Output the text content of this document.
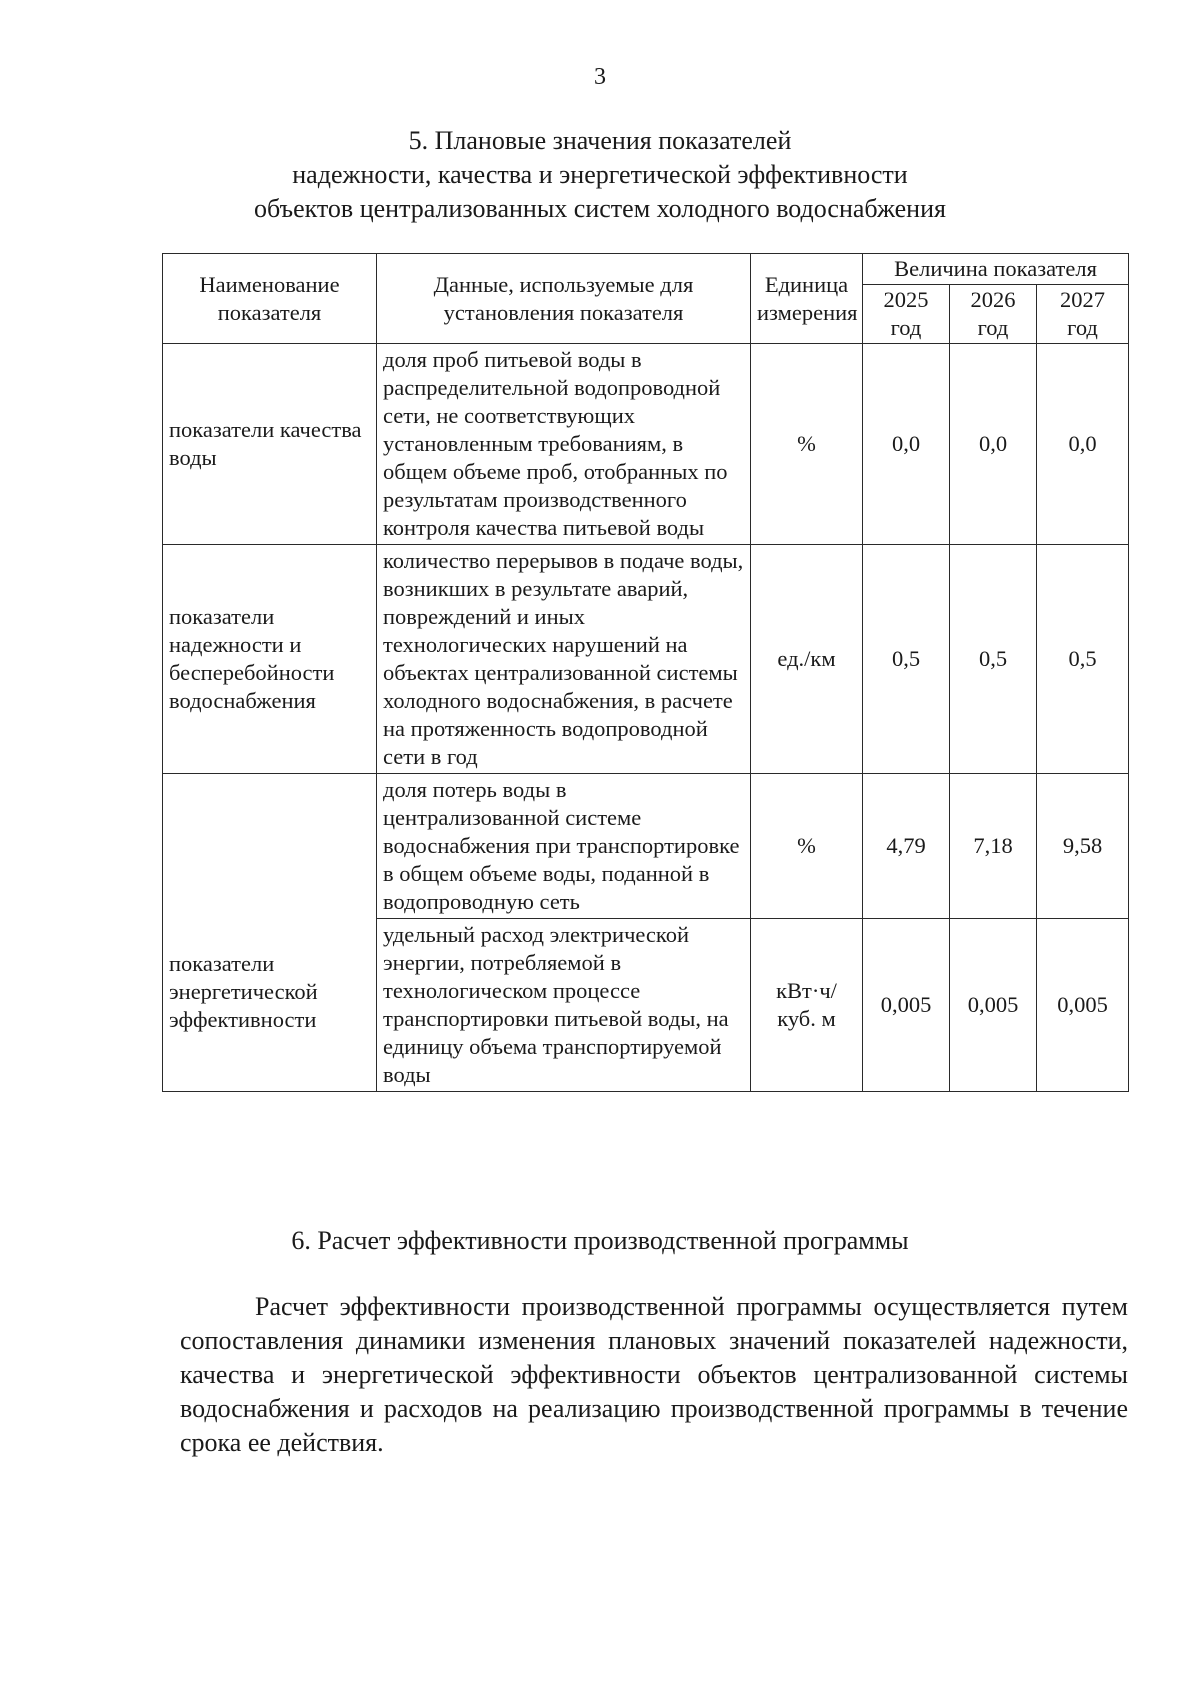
3
5. Плановые значения показателей
надежности, качества и энергетической эффективности
объектов централизованных систем холодного водоснабжения
Наименование показателя	Данные, используемые для установления показателя	Единица измерения	Величина показателя		
			2025 год	2026 год	2027 год
показатели качества воды	доля проб питьевой воды в распределительной водопроводной сети, не соответствующих установленным требованиям, в общем объеме проб, отобранных по результатам производственного контроля качества питьевой воды	%	0,0	0,0	0,0
показатели надежности и бесперебойности водоснабжения	количество перерывов в подаче воды, возникших в результате аварий, повреждений и иных технологических нарушений на объектах централизованной системы холодного водоснабжения, в расчете на протяженность водопроводной сети в год	ед./км	0,5	0,5	0,5
показатели энергетической эффективности	доля потерь воды в централизованной системе водоснабжения при транспортировке в общем объеме воды, поданной в водопроводную сеть	%	4,79	7,18	9,58
	удельный расход электрической энергии, потребляемой в технологическом процессе транспортировки питьевой воды, на единицу объема транспортируемой воды	кВт·ч/ куб. м	0,005	0,005	0,005
6. Расчет эффективности производственной программы

Расчет эффективности производственной программы осуществляется путем сопоставления динамики изменения плановых значений показателей надежности, качества и энергетической эффективности объектов централизованной системы водоснабжения и расходов на реализацию производственной программы в течение срока ее действия.
